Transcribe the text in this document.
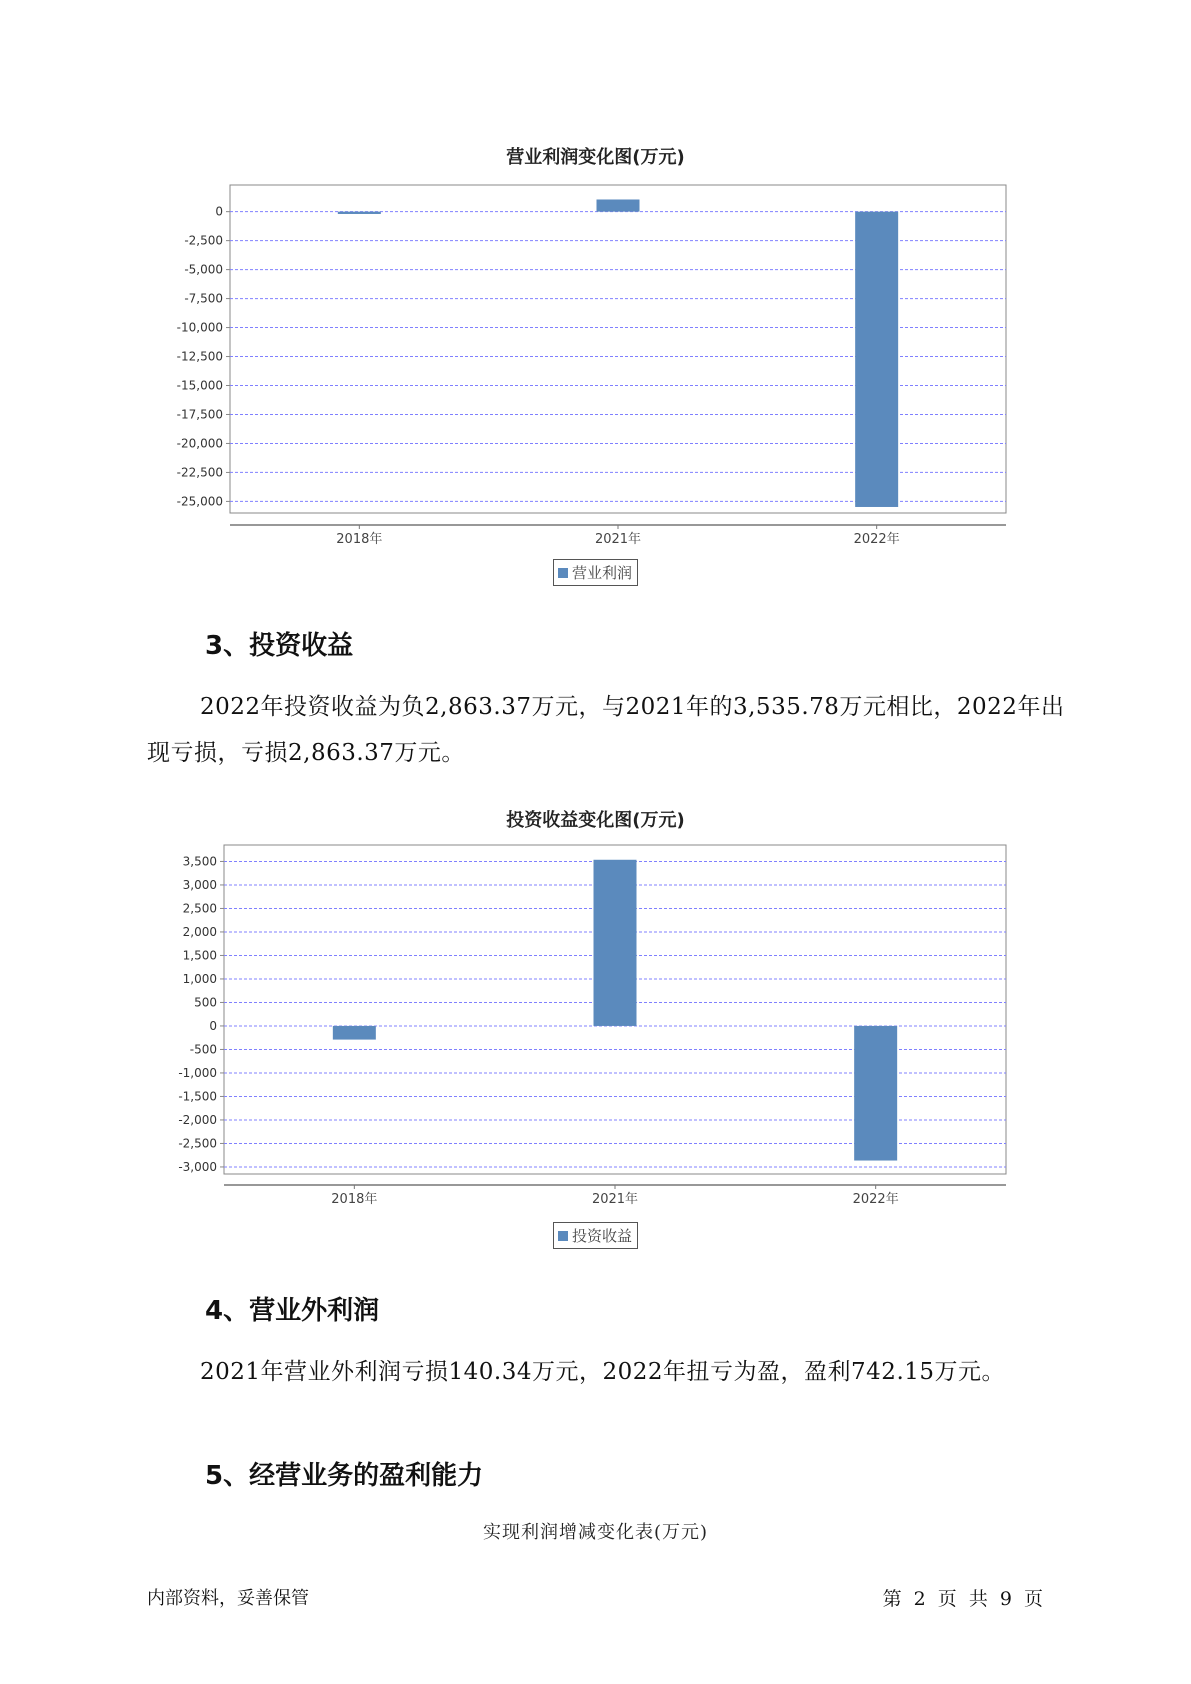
营业利润变化图(万元)
0
-2,500
-5,000
-7,500
-10,000
-12,500
-15,000
-17,500
-20,000
-22,500
-25,000
2018年	2021年	2022年
营业利润
3、投资收益

2022年投资收益为负2,863.37万元，与2021年的3,535.78万元相比，2022年出现亏损，亏损2,863.37万元。

投资收益变化图(万元)
3,500
3,000
2,500
2,000
1,500
1,000
500
0
-500
-1,000
-1,500
-2,000
-2,500
-3,000
2018年	2021年	2022年
投资收益
4、营业外利润

2021年营业外利润亏损140.34万元，2022年扭亏为盈，盈利742.15万元。

5、经营业务的盈利能力
实现利润增减变化表(万元)
内部资料，妥善保管	第 2 页 共 9 页
